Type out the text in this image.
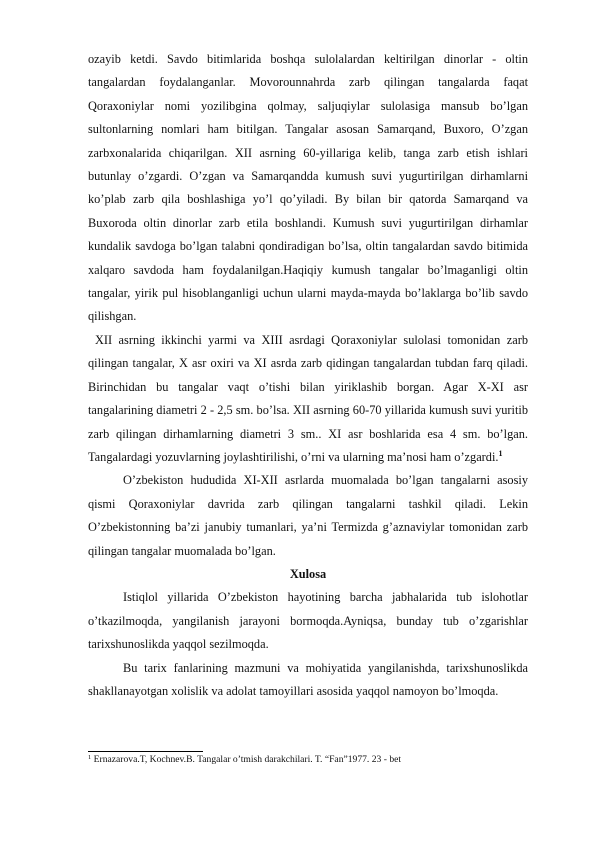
ozayib ketdi. Savdo bitimlarida boshqa sulolalardan keltirilgan dinorlar - oltin tangalardan foydalanganlar. Movorounnahrda zarb qilingan tangalarda faqat Qoraxoniylar nomi yozilibgina qolmay, saljuqiylar sulolasiga mansub bo’lgan sultonlarning nomlari ham bitilgan. Tangalar asosan Samarqand, Buxoro, O’zgan zarbxonalarida chiqarilgan. XII asrning 60-yillariga kelib, tanga zarb etish ishlari butunlay o’zgardi. O’zgan va Samarqandda kumush suvi yugurtirilgan dirhamlarni ko’plab zarb qila boshlashiga yo’l qo’yiladi. By bilan bir qatorda Samarqand va Buxoroda oltin dinorlar zarb etila boshlandi. Kumush suvi yugurtirilgan dirhamlar kundalik savdoga bo’lgan talabni qondiradigan bo’lsa, oltin tangalardan savdo bitimida xalqaro savdoda ham foydalanilgan.Haqiqiy kumush tangalar bo’lmaganligi oltin tangalar, yirik pul hisoblanganligi uchun ularni mayda-mayda bo’laklarga bo’lib savdo qilishgan.

XII asrning ikkinchi yarmi va XIII asrdagi Qoraxoniylar sulolasi tomonidan zarb qilingan tangalar, X asr oxiri va XI asrda zarb qidingan tangalardan tubdan farq qiladi. Birinchidan bu tangalar vaqt o’tishi bilan yiriklashib borgan. Agar X-XI asr tangalarining diametri 2 - 2,5 sm. bo’lsa. XII asrning 60-70 yillarida kumush suvi yuritib zarb qilingan dirhamlarning diametri 3 sm.. XI asr boshlarida esa 4 sm. bo’lgan. Tangalardagi yozuvlarning joylashtirilishi, o’rni va ularning ma’nosi ham o’zgardi.$^1$

O’zbekiston hududida XI-XII asrlarda muomalada bo’lgan tangalarni asosiy qismi Qoraxoniylar davrida zarb qilingan tangalarni tashkil qiladi. Lekin O’zbekistonning ba’zi janubiy tumanlari, ya’ni Termizda g’aznaviylar tomonidan zarb qilingan tangalar muomalada bo’lgan.

Xulosa

Istiqlol yillarida O’zbekiston hayotining barcha jabhalarida tub islohotlar o’tkazilmoqda, yangilanish jarayoni bormoqda.Ayniqsa, bunday tub o’zgarishlar tarixshunoslikda yaqqol sezilmoqda.

Bu tarix fanlarining mazmuni va mohiyatida yangilanishda, tarixshunoslikda shakllanayotgan xolislik va adolat tamoyillari asosida yaqqol namoyon bo’lmoqda.

$^1$ Ernazarova.T, Kochnev.B. Tangalar o’tmish darakchilari. T. “Fan”1977. 23 - bet
